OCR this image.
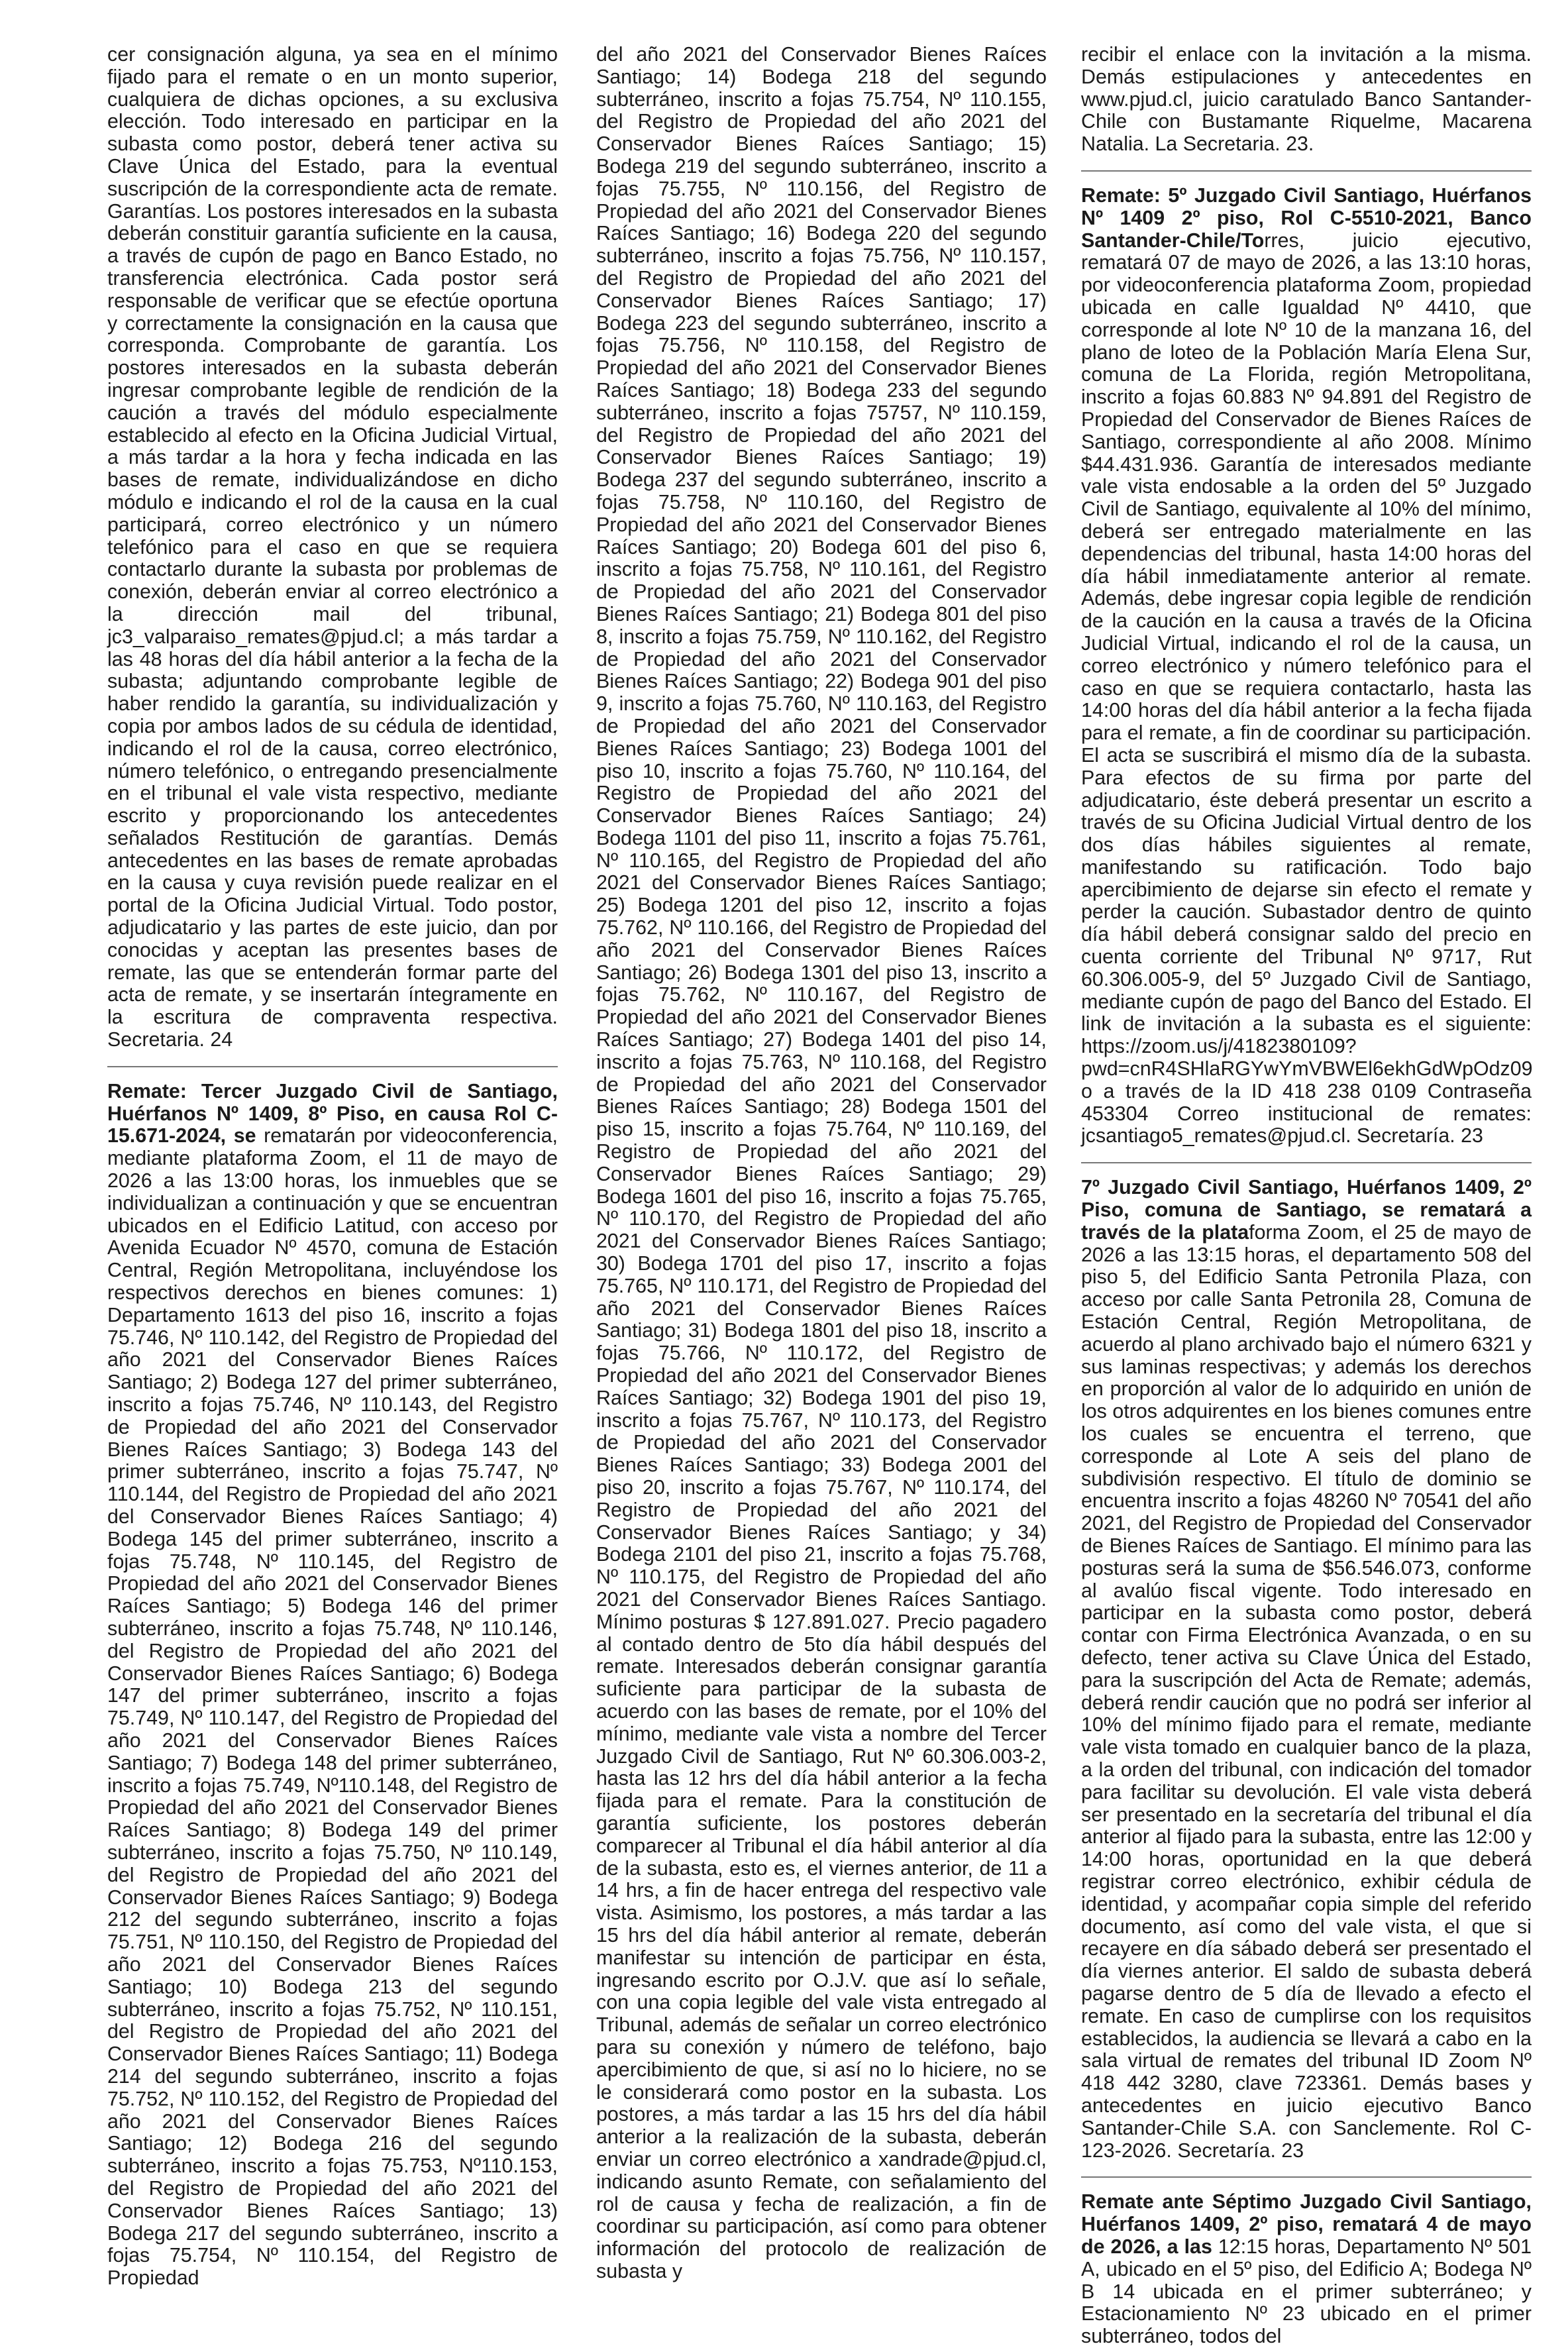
cer consignación alguna, ya sea en el mínimo fijado para el remate o en un monto superior, cualquiera de dichas opciones, a su exclusiva elección. Todo interesado en participar en la subasta como postor, deberá tener activa su Clave Única del Estado, para la eventual suscripción de la correspondiente acta de remate. Garantías. Los postores interesados en la subasta deberán constituir garantía suficiente en la causa, a través de cupón de pago en Banco Estado, no transferencia electrónica. Cada postor será responsable de verificar que se efectúe oportuna y correctamente la consignación en la causa que corresponda. Comprobante de garantía. Los postores interesados en la subasta deberán ingresar comprobante legible de rendición de la caución a través del módulo especialmente establecido al efecto en la Oficina Judicial Virtual, a más tardar a la hora y fecha indicada en las bases de remate, individualizándose en dicho módulo e indicando el rol de la causa en la cual participará, correo electrónico y un número telefónico para el caso en que se requiera contactarlo durante la subasta por problemas de conexión, deberán enviar al correo electrónico a la dirección mail del tribunal, jc3_valparaiso_remates@pjud.cl; a más tardar a las 48 horas del día hábil anterior a la fecha de la subasta; adjuntando comprobante legible de haber rendido la garantía, su individualización y copia por ambos lados de su cédula de identidad, indicando el rol de la causa, correo electrónico, número telefónico, o entregando presencialmente en el tribunal el vale vista respectivo, mediante escrito y proporcionando los antecedentes señalados Restitución de garantías. Demás antecedentes en las bases de remate aprobadas en la causa y cuya revisión puede realizar en el portal de la Oficina Judicial Virtual. Todo postor, adjudicatario y las partes de este juicio, dan por conocidas y aceptan las presentes bases de remate, las que se entenderán formar parte del acta de remate, y se insertarán íntegramente en la escritura de compraventa respectiva. Secretaria. 24

Remate: Tercer Juzgado Civil de Santiago, Huérfanos Nº 1409, 8º Piso, en causa Rol C-15.671-2024, se rematarán por videoconferencia, mediante plataforma Zoom, el 11 de mayo de 2026 a las 13:00 horas, los inmuebles que se individualizan a continuación y que se encuentran ubicados en el Edificio Latitud, con acceso por Avenida Ecuador Nº 4570, comuna de Estación Central, Región Metropolitana, incluyéndose los respectivos derechos en bienes comunes: 1) Departamento 1613 del piso 16, inscrito a fojas 75.746, Nº 110.142, del Registro de Propiedad del año 2021 del Conservador Bienes Raíces Santiago; 2) Bodega 127 del primer subterráneo, inscrito a fojas 75.746, Nº 110.143, del Registro de Propiedad del año 2021 del Conservador Bienes Raíces Santiago; 3) Bodega 143 del primer subterráneo, inscrito a fojas 75.747, Nº 110.144, del Registro de Propiedad del año 2021 del Conservador Bienes Raíces Santiago; 4) Bodega 145 del primer subterráneo, inscrito a fojas 75.748, Nº 110.145, del Registro de Propiedad del año 2021 del Conservador Bienes Raíces Santiago; 5) Bodega 146 del primer subterráneo, inscrito a fojas 75.748, Nº 110.146, del Registro de Propiedad del año 2021 del Conservador Bienes Raíces Santiago; 6) Bodega 147 del primer subterráneo, inscrito a fojas 75.749, Nº 110.147, del Registro de Propiedad del año 2021 del Conservador Bienes Raíces Santiago; 7) Bodega 148 del primer subterráneo, inscrito a fojas 75.749, Nº110.148, del Registro de Propiedad del año 2021 del Conservador Bienes Raíces Santiago; 8) Bodega 149 del primer subterráneo, inscrito a fojas 75.750, Nº 110.149, del Registro de Propiedad del año 2021 del Conservador Bienes Raíces Santiago; 9) Bodega 212 del segundo subterráneo, inscrito a fojas 75.751, Nº 110.150, del Registro de Propiedad del año 2021 del Conservador Bienes Raíces Santiago; 10) Bodega 213 del segundo subterráneo, inscrito a fojas 75.752, Nº 110.151, del Registro de Propiedad del año 2021 del Conservador Bienes Raíces Santiago; 11) Bodega 214 del segundo subterráneo, inscrito a fojas 75.752, Nº 110.152, del Registro de Propiedad del año 2021 del Conservador Bienes Raíces Santiago; 12) Bodega 216 del segundo subterráneo, inscrito a fojas 75.753, Nº110.153, del Registro de Propiedad del año 2021 del Conservador Bienes Raíces Santiago; 13) Bodega 217 del segundo subterráneo, inscrito a fojas 75.754, Nº 110.154, del Registro de Propiedad

del año 2021 del Conservador Bienes Raíces Santiago; 14) Bodega 218 del segundo subterráneo, inscrito a fojas 75.754, Nº 110.155, del Registro de Propiedad del año 2021 del Conservador Bienes Raíces Santiago; 15) Bodega 219 del segundo subterráneo, inscrito a fojas 75.755, Nº 110.156, del Registro de Propiedad del año 2021 del Conservador Bienes Raíces Santiago; 16) Bodega 220 del segundo subterráneo, inscrito a fojas 75.756, Nº 110.157, del Registro de Propiedad del año 2021 del Conservador Bienes Raíces Santiago; 17) Bodega 223 del segundo subterráneo, inscrito a fojas 75.756, Nº 110.158, del Registro de Propiedad del año 2021 del Conservador Bienes Raíces Santiago; 18) Bodega 233 del segundo subterráneo, inscrito a fojas 75757, Nº 110.159, del Registro de Propiedad del año 2021 del Conservador Bienes Raíces Santiago; 19) Bodega 237 del segundo subterráneo, inscrito a fojas 75.758, Nº 110.160, del Registro de Propiedad del año 2021 del Conservador Bienes Raíces Santiago; 20) Bodega 601 del piso 6, inscrito a fojas 75.758, Nº 110.161, del Registro de Propiedad del año 2021 del Conservador Bienes Raíces Santiago; 21) Bodega 801 del piso 8, inscrito a fojas 75.759, Nº 110.162, del Registro de Propiedad del año 2021 del Conservador Bienes Raíces Santiago; 22) Bodega 901 del piso 9, inscrito a fojas 75.760, Nº 110.163, del Registro de Propiedad del año 2021 del Conservador Bienes Raíces Santiago; 23) Bodega 1001 del piso 10, inscrito a fojas 75.760, Nº 110.164, del Registro de Propiedad del año 2021 del Conservador Bienes Raíces Santiago; 24) Bodega 1101 del piso 11, inscrito a fojas 75.761, Nº 110.165, del Registro de Propiedad del año 2021 del Conservador Bienes Raíces Santiago; 25) Bodega 1201 del piso 12, inscrito a fojas 75.762, Nº 110.166, del Registro de Propiedad del año 2021 del Conservador Bienes Raíces Santiago; 26) Bodega 1301 del piso 13, inscrito a fojas 75.762, Nº 110.167, del Registro de Propiedad del año 2021 del Conservador Bienes Raíces Santiago; 27) Bodega 1401 del piso 14, inscrito a fojas 75.763, Nº 110.168, del Registro de Propiedad del año 2021 del Conservador Bienes Raíces Santiago; 28) Bodega 1501 del piso 15, inscrito a fojas 75.764, Nº 110.169, del Registro de Propiedad del año 2021 del Conservador Bienes Raíces Santiago; 29) Bodega 1601 del piso 16, inscrito a fojas 75.765, Nº 110.170, del Registro de Propiedad del año 2021 del Conservador Bienes Raíces Santiago; 30) Bodega 1701 del piso 17, inscrito a fojas 75.765, Nº 110.171, del Registro de Propiedad del año 2021 del Conservador Bienes Raíces Santiago; 31) Bodega 1801 del piso 18, inscrito a fojas 75.766, Nº 110.172, del Registro de Propiedad del año 2021 del Conservador Bienes Raíces Santiago; 32) Bodega 1901 del piso 19, inscrito a fojas 75.767, Nº 110.173, del Registro de Propiedad del año 2021 del Conservador Bienes Raíces Santiago; 33) Bodega 2001 del piso 20, inscrito a fojas 75.767, Nº 110.174, del Registro de Propiedad del año 2021 del Conservador Bienes Raíces Santiago; y 34) Bodega 2101 del piso 21, inscrito a fojas 75.768, Nº 110.175, del Registro de Propiedad del año 2021 del Conservador Bienes Raíces Santiago. Mínimo posturas $ 127.891.027. Precio pagadero al contado dentro de 5to día hábil después del remate. Interesados deberán consignar garantía suficiente para participar de la subasta de acuerdo con las bases de remate, por el 10% del mínimo, mediante vale vista a nombre del Tercer Juzgado Civil de Santiago, Rut Nº 60.306.003-2, hasta las 12 hrs del día hábil anterior a la fecha fijada para el remate. Para la constitución de garantía suficiente, los postores deberán comparecer al Tribunal el día hábil anterior al día de la subasta, esto es, el viernes anterior, de 11 a 14 hrs, a fin de hacer entrega del respectivo vale vista. Asimismo, los postores, a más tardar a las 15 hrs del día hábil anterior al remate, deberán manifestar su intención de participar en ésta, ingresando escrito por O.J.V. que así lo señale, con una copia legible del vale vista entregado al Tribunal, además de señalar un correo electrónico para su conexión y número de teléfono, bajo apercibimiento de que, si así no lo hiciere, no se le considerará como postor en la subasta. Los postores, a más tardar a las 15 hrs del día hábil anterior a la realización de la subasta, deberán enviar un correo electrónico a xandrade@pjud.cl, indicando asunto Remate, con señalamiento del rol de causa y fecha de realización, a fin de coordinar su participación, así como para obtener información del protocolo de realización de subasta y

recibir el enlace con la invitación a la misma. Demás estipulaciones y antecedentes en www.pjud.cl, juicio caratulado Banco Santander-Chile con Bustamante Riquelme, Macarena Natalia. La Secretaria. 23.

Remate: 5º Juzgado Civil Santiago, Huérfanos Nº 1409 2º piso, Rol C-5510-2021, Banco Santander-Chile/Torres, juicio ejecutivo, rematará 07 de mayo de 2026, a las 13:10 horas, por videoconferencia plataforma Zoom, propiedad ubicada en calle Igualdad Nº 4410, que corresponde al lote Nº 10 de la manzana 16, del plano de loteo de la Población María Elena Sur, comuna de La Florida, región Metropolitana, inscrito a fojas 60.883 Nº 94.891 del Registro de Propiedad del Conservador de Bienes Raíces de Santiago, correspondiente al año 2008. Mínimo $44.431.936. Garantía de interesados mediante vale vista endosable a la orden del 5º Juzgado Civil de Santiago, equivalente al 10% del mínimo, deberá ser entregado materialmente en las dependencias del tribunal, hasta 14:00 horas del día hábil inmediatamente anterior al remate. Además, debe ingresar copia legible de rendición de la caución en la causa a través de la Oficina Judicial Virtual, indicando el rol de la causa, un correo electrónico y número telefónico para el caso en que se requiera contactarlo, hasta las 14:00 horas del día hábil anterior a la fecha fijada para el remate, a fin de coordinar su participación. El acta se suscribirá el mismo día de la subasta. Para efectos de su firma por parte del adjudicatario, éste deberá presentar un escrito a través de su Oficina Judicial Virtual dentro de los dos días hábiles siguientes al remate, manifestando su ratificación. Todo bajo apercibimiento de dejarse sin efecto el remate y perder la caución. Subastador dentro de quinto día hábil deberá consignar saldo del precio en cuenta corriente del Tribunal Nº 9717, Rut 60.306.005-9, del 5º Juzgado Civil de Santiago, mediante cupón de pago del Banco del Estado. El link de invitación a la subasta es el siguiente: https://zoom.us/j/4182380109?pwd=cnR4SHlaRGYwYmVBWEl6ekhGdWpOdz09 o a través de la ID 418 238 0109 Contraseña 453304 Correo institucional de remates: jcsantiago5_remates@pjud.cl. Secretaría. 23

7º Juzgado Civil Santiago, Huérfanos 1409, 2º Piso, comuna de Santiago, se rematará a través de la plataforma Zoom, el 25 de mayo de 2026 a las 13:15 horas, el departamento 508 del piso 5, del Edificio Santa Petronila Plaza, con acceso por calle Santa Petronila 28, Comuna de Estación Central, Región Metropolitana, de acuerdo al plano archivado bajo el número 6321 y sus laminas respectivas; y además los derechos en proporción al valor de lo adquirido en unión de los otros adquirentes en los bienes comunes entre los cuales se encuentra el terreno, que corresponde al Lote A seis del plano de subdivisión respectivo. El título de dominio se encuentra inscrito a fojas 48260 Nº 70541 del año 2021, del Registro de Propiedad del Conservador de Bienes Raíces de Santiago. El mínimo para las posturas será la suma de $56.546.073, conforme al avalúo fiscal vigente. Todo interesado en participar en la subasta como postor, deberá contar con Firma Electrónica Avanzada, o en su defecto, tener activa su Clave Única del Estado, para la suscripción del Acta de Remate; además, deberá rendir caución que no podrá ser inferior al 10% del mínimo fijado para el remate, mediante vale vista tomado en cualquier banco de la plaza, a la orden del tribunal, con indicación del tomador para facilitar su devolución. El vale vista deberá ser presentado en la secretaría del tribunal el día anterior al fijado para la subasta, entre las 12:00 y 14:00 horas, oportunidad en la que deberá registrar correo electrónico, exhibir cédula de identidad, y acompañar copia simple del referido documento, así como del vale vista, el que si recayere en día sábado deberá ser presentado el día viernes anterior. El saldo de subasta deberá pagarse dentro de 5 día de llevado a efecto el remate. En caso de cumplirse con los requisitos establecidos, la audiencia se llevará a cabo en la sala virtual de remates del tribunal ID Zoom Nº 418 442 3280, clave 723361. Demás bases y antecedentes en juicio ejecutivo Banco Santander-Chile S.A. con Sanclemente. Rol C-123-2026. Secretaría. 23

Remate ante Séptimo Juzgado Civil Santiago, Huérfanos 1409, 2º piso, rematará 4 de mayo de 2026, a las 12:15 horas, Departamento Nº 501 A, ubicado en el 5º piso, del Edificio A; Bodega Nº B 14 ubicada en el primer subterráneo; y Estacionamiento Nº 23 ubicado en el primer subterráneo, todos del
